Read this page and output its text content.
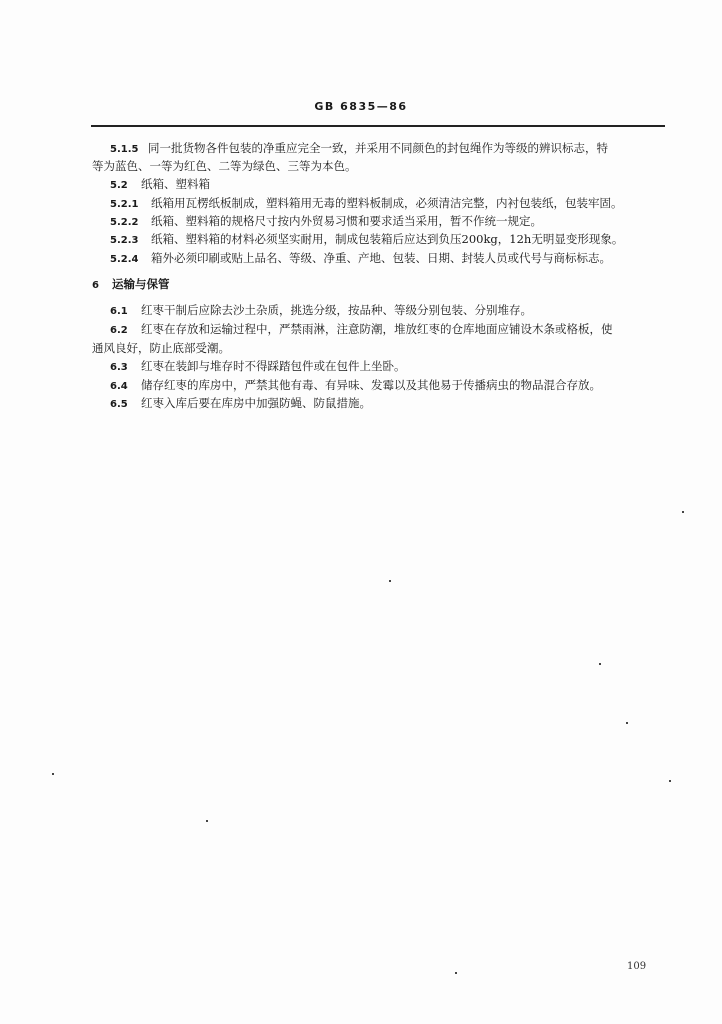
GB 6835—86
5.1.5 同一批货物各件包装的净重应完全一致，并采用不同颜色的封包绳作为等级的辨识标志，特
等为蓝色、一等为红色、二等为绿色、三等为本色。
5.2 纸箱、塑料箱
5.2.1 纸箱用瓦楞纸板制成，塑料箱用无毒的塑料板制成，必须清洁完整，内衬包装纸，包装牢固。
5.2.2 纸箱、塑料箱的规格尺寸按内外贸易习惯和要求适当采用，暂不作统一规定。
5.2.3 纸箱、塑料箱的材料必须坚实耐用，制成包装箱后应达到负压200kg，12h无明显变形现象。
5.2.4 箱外必须印刷或贴上品名、等级、净重、产地、包装、日期、封装人员或代号与商标标志。
6 运输与保管
6.1 红枣干制后应除去沙土杂质，挑选分级，按品种、等级分别包装、分别堆存。
6.2 红枣在存放和运输过程中，严禁雨淋，注意防潮，堆放红枣的仓库地面应铺设木条或格板，使
通风良好，防止底部受潮。
6.3 红枣在装卸与堆存时不得踩踏包件或在包件上坐卧。
6.4 储存红枣的库房中，严禁其他有毒、有异味、发霉以及其他易于传播病虫的物品混合存放。
6.5 红枣入库后要在库房中加强防蝇、防鼠措施。
109
